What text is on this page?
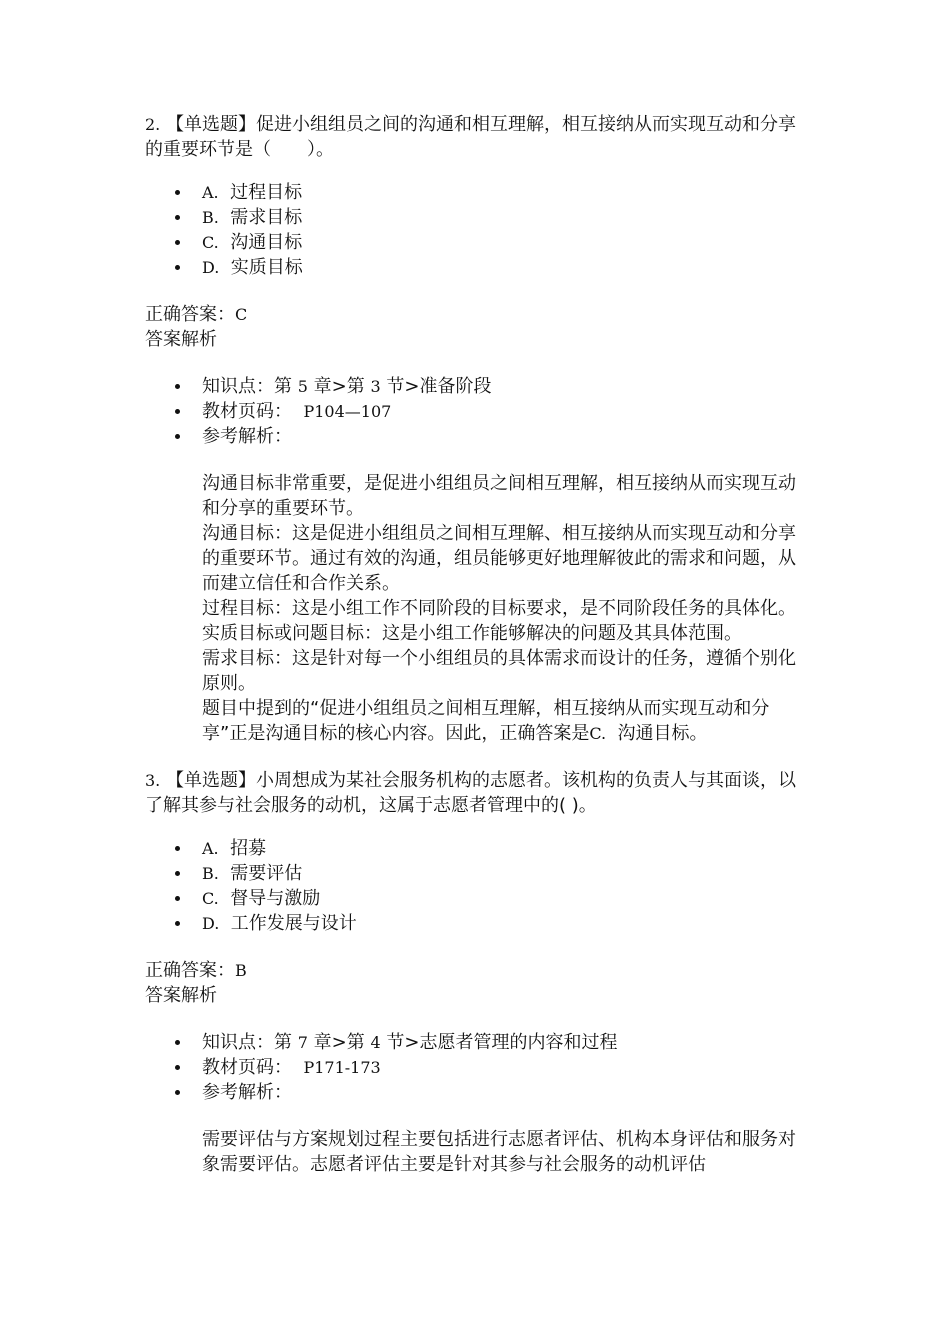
2. 【单选题】促进小组组员之间的沟通和相互理解，相互接纳从而实现互动和分享的重要环节是（　　）。

A. 过程目标
B. 需求目标
C. 沟通目标
D. 实质目标
正确答案：C
答案解析
知识点：第 5 章>第 3 节>准备阶段
教材页码： P104—107
参考解析：

沟通目标非常重要，是促进小组组员之间相互理解，相互接纳从而实现互动和分享的重要环节。

沟通目标：这是促进小组组员之间相互理解、相互接纳从而实现互动和分享的重要环节。通过有效的沟通，组员能够更好地理解彼此的需求和问题，从而建立信任和合作关系。

过程目标：这是小组工作不同阶段的目标要求，是不同阶段任务的具体化。

实质目标或问题目标：这是小组工作能够解决的问题及其具体范围。

需求目标：这是针对每一个小组组员的具体需求而设计的任务，遵循个别化原则。

题目中提到的“促进小组组员之间相互理解，相互接纳从而实现互动和分享”正是沟通目标的核心内容。因此，正确答案是C. 沟通目标。

3. 【单选题】小周想成为某社会服务机构的志愿者。该机构的负责人与其面谈，以了解其参与社会服务的动机，这属于志愿者管理中的( )。

A. 招募
B. 需要评估
C. 督导与激励
D. 工作发展与设计
正确答案：B
答案解析
知识点：第 7 章>第 4 节>志愿者管理的内容和过程
教材页码： P171-173
参考解析：

需要评估与方案规划过程主要包括进行志愿者评估、机构本身评估和服务对象需要评估。志愿者评估主要是针对其参与社会服务的动机评估
